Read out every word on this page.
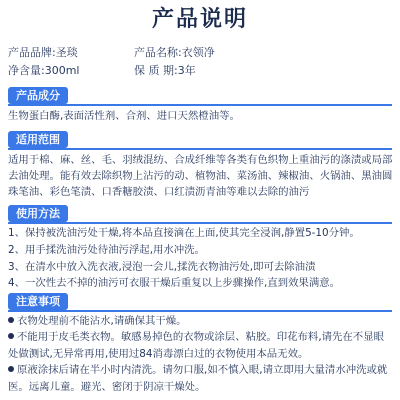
产品说明
产品品牌:圣琰	产品名称:衣领净
净含量:300ml	保 质 期:3年
产品成分
生物蛋白酶,表面活性剂、合剂、进口天然橙油等。
适用范围
适用于棉、麻、丝、毛、羽绒混纺、合成纤维等各类有色织物上重油污的涤渍或局部去油处理。能有效去除织物上沾污的动、植物油、菜汤油、辣椒油、火锅油、黑油圆珠笔油、彩色笔渍、口香糖胶渍、口红渍沥青油等难以去除的油污
使用方法
1、保持被洗油污处干燥,将本品直接滴在上面,使其完全浸润,静置5-10分钟。
2、用手揉洗油污处待油污浮起,用水冲洗。
3、在清水中放入洗衣液,浸泡一会儿,揉洗衣物油污处,即可去除油渍
4、一次性去不掉的油污可衣服干燥后重复以上步骤操作,直到效果满意。
注意事项
衣物处理前不能沾水,请确保其干燥。
不能用于皮毛类衣物。敏感易掉色的衣物或涂层、粘胶。印花布料,请先在不显眼处做测试,无异常再用,使用过84消毒漂白过的衣物使用本品无效。
原液涂抹后请在半小时内清洗。请勿口服,如不慎入眼,请立即用大量清水冲洗或就医。远离儿童。避光、密闭于阴凉干燥处。
